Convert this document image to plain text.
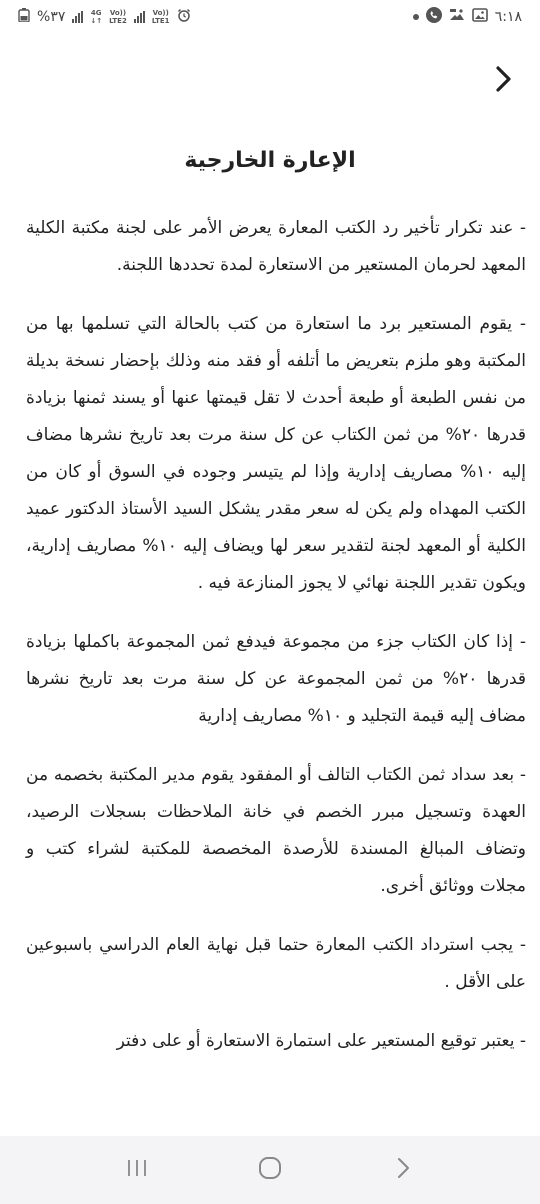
%٣٧	4G
↓↑
Vo))
LTE2
Vo))
LTE1	٦:١٨
الإعارة الخارجية

- عند تكرار تأخير رد الكتب المعارة يعرض الأمر على لجنة مكتبة الكلية المعهد لحرمان المستعير من الاستعارة لمدة تحددها اللجنة.

- يقوم المستعير برد ما استعارة من كتب بالحالة التي تسلمها بها من المكتبة وهو ملزم بتعريض ما أتلفه أو فقد منه وذلك بإحضار نسخة بديلة من نفس الطبعة أو طبعة أحدث لا تقل قيمتها عنها أو يسند ثمنها بزيادة قدرها ٢٠% من ثمن الكتاب عن كل سنة مرت بعد تاريخ نشرها مضاف إليه ١٠% مصاريف إدارية وإذا لم يتيسر وجوده في السوق أو كان من الكتب المهداه ولم يكن له سعر مقدر يشكل السيد الأستاذ الدكتور عميد الكلية أو المعهد لجنة لتقدير سعر لها ويضاف إليه ١٠% مصاريف إدارية، ويكون تقدير اللجنة نهائي لا يجوز المنازعة فيه .

- إذا كان الكتاب جزء من مجموعة فيدفع ثمن المجموعة باكملها بزيادة قدرها ٢٠% من ثمن المجموعة عن كل سنة مرت بعد تاريخ نشرها مضاف إليه قيمة التجليد و ١٠% مصاريف إدارية

- بعد سداد ثمن الكتاب التالف أو المفقود يقوم مدير المكتبة بخصمه من العهدة وتسجيل مبرر الخصم في خانة الملاحظات بسجلات الرصيد، وتضاف المبالغ المسندة للأرصدة المخصصة للمكتبة لشراء كتب و مجلات ووثائق أخرى.

- يجب استرداد الكتب المعارة حتما قبل نهاية العام الدراسي باسبوعين على الأقل .

- يعتبر توقيع المستعير على استمارة الاستعارة أو على دفتر
